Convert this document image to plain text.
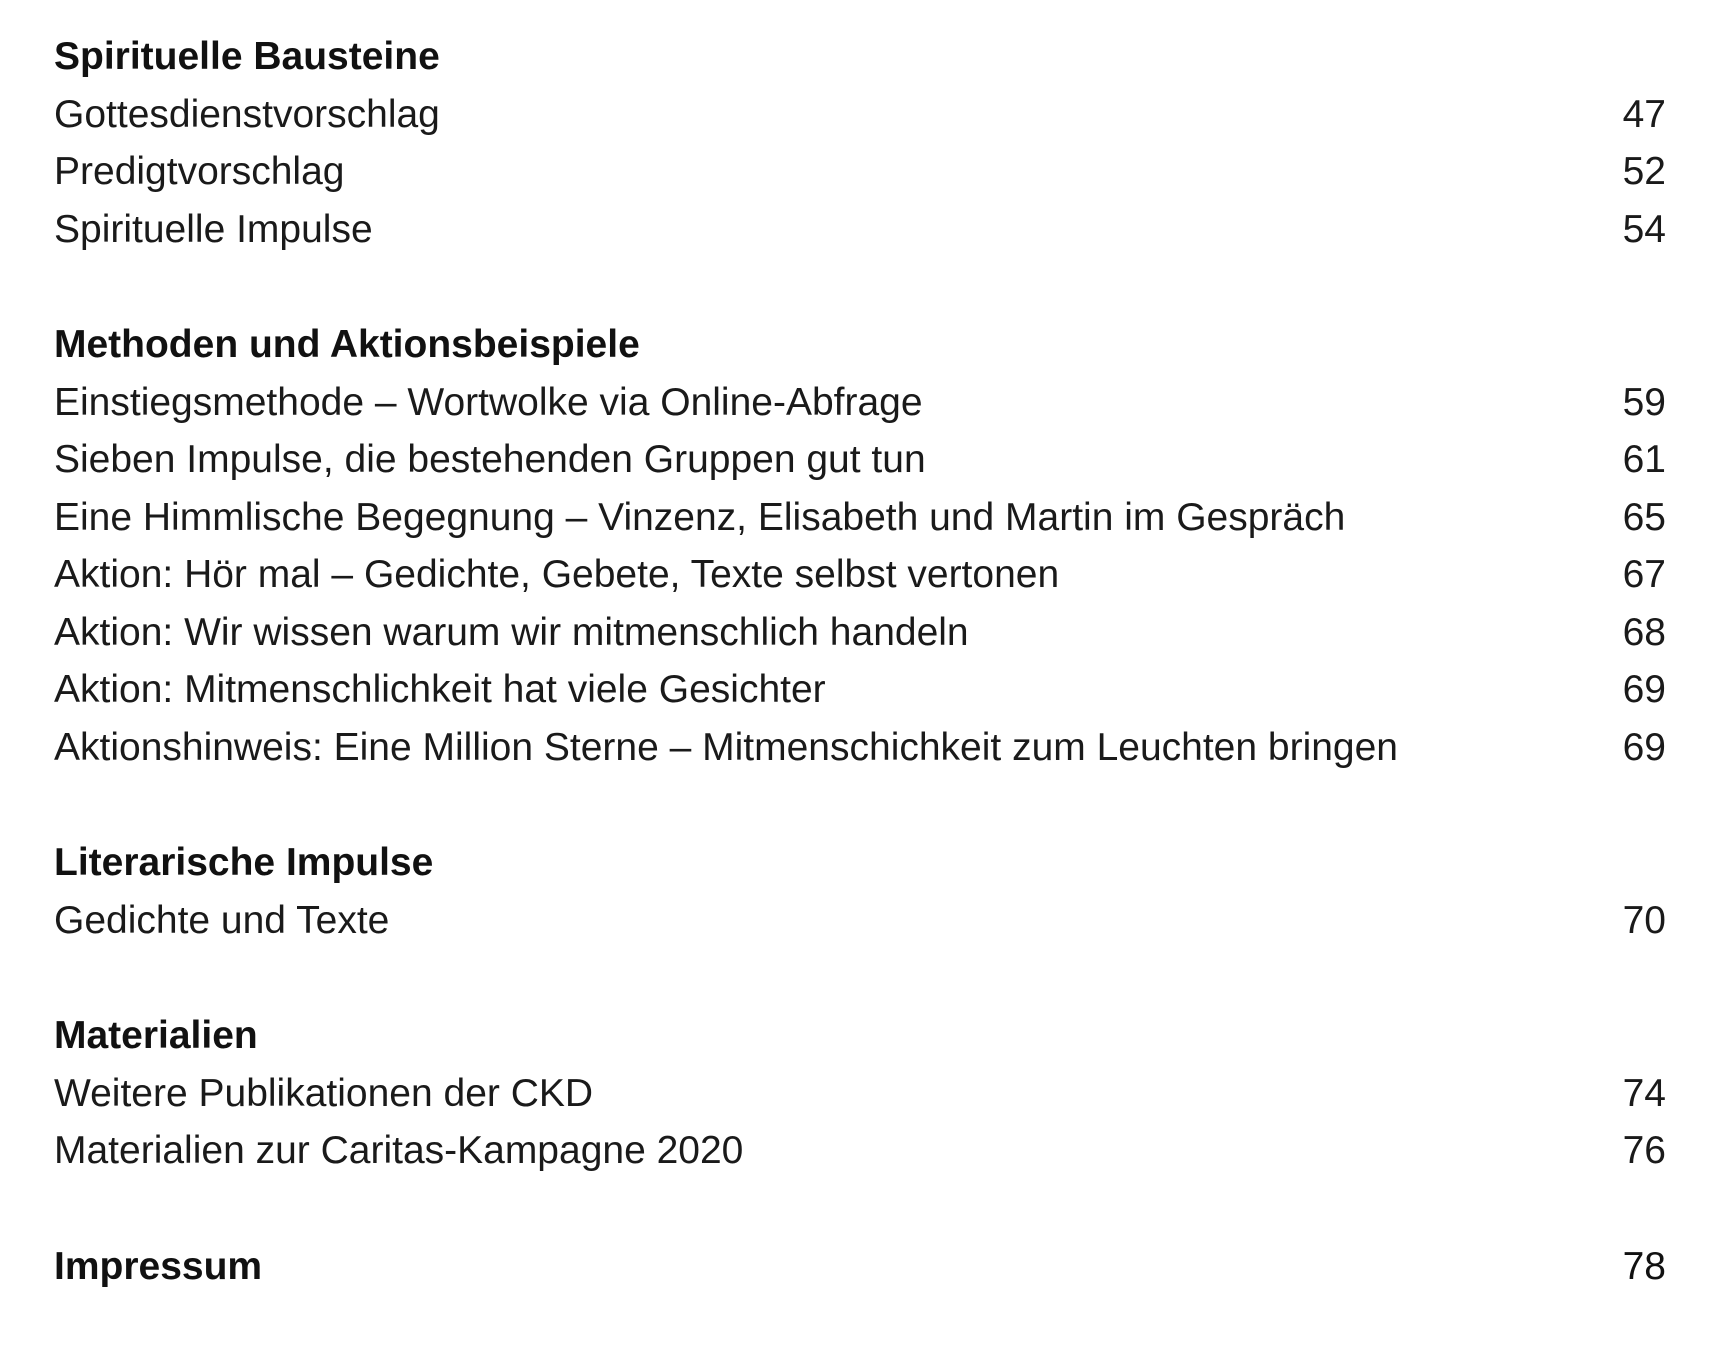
Spirituelle Bausteine
Gottesdienstvorschlag	47
Predigtvorschlag	52
Spirituelle Impulse	54
Methoden und Aktionsbeispiele
Einstiegsmethode – Wortwolke via Online-Abfrage	59
Sieben Impulse, die bestehenden Gruppen gut tun	61
Eine Himmlische Begegnung – Vinzenz, Elisabeth und Martin im Gespräch	65
Aktion: Hör mal – Gedichte, Gebete, Texte selbst vertonen	67
Aktion: Wir wissen warum wir mitmenschlich handeln	68
Aktion: Mitmenschlichkeit hat viele Gesichter	69
Aktionshinweis: Eine Million Sterne – Mitmenschichkeit zum Leuchten bringen	69
Literarische Impulse
Gedichte und Texte	70
Materialien
Weitere Publikationen der CKD	74
Materialien zur Caritas-Kampagne 2020	76
Impressum	78
